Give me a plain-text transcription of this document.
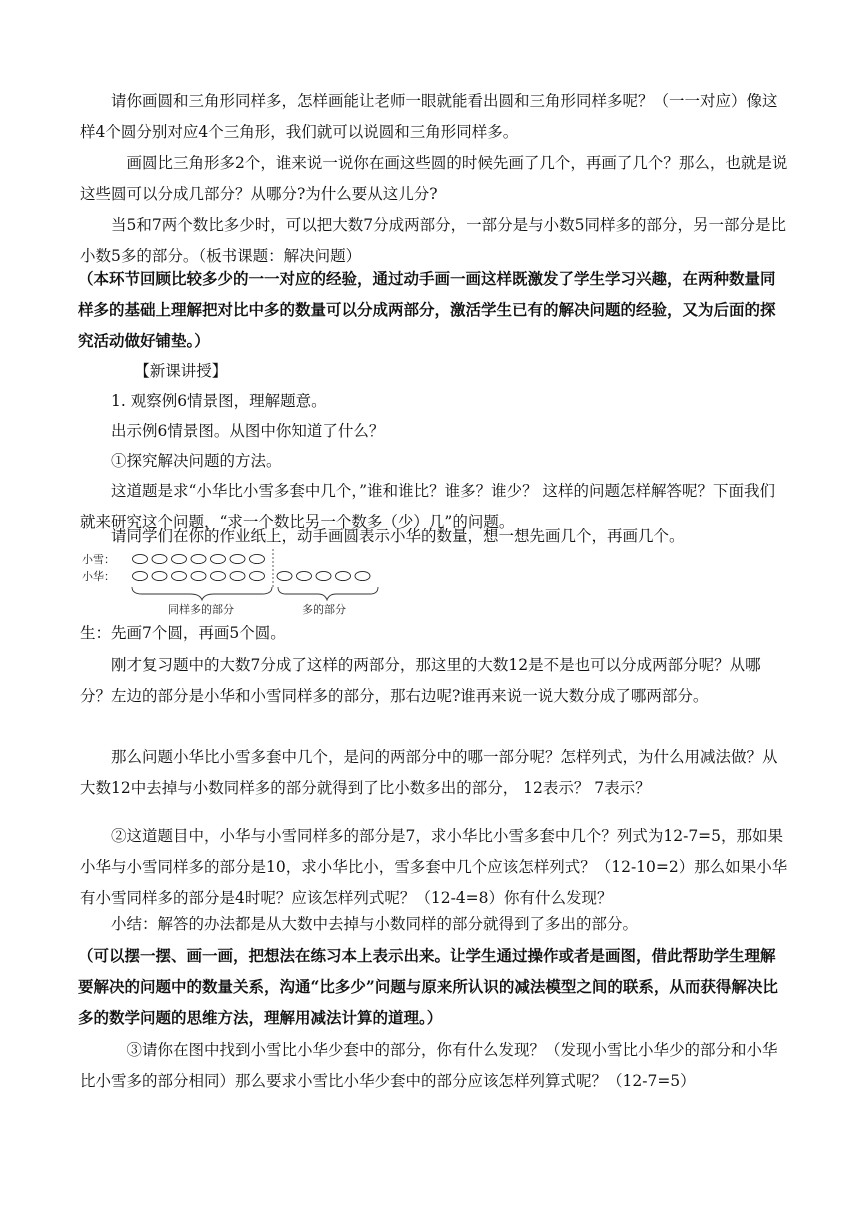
　　请你画圆和三角形同样多，怎样画能让老师一眼就能看出圆和三角形同样多呢？（一一对应）像这样4个圆分别对应4个三角形，我们就可以说圆和三角形同样多。

　　　画圆比三角形多2个，谁来说一说你在画这些圆的时候先画了几个，再画了几个？那么，也就是说这些圆可以分成几部分？从哪分?为什么要从这儿分?

　　当5和7两个数比多少时，可以把大数7分成两部分，一部分是与小数5同样多的部分，另一部分是比小数5多的部分。（板书课题：解决问题）

（本环节回顾比较多少的一一对应的经验，通过动手画一画这样既激发了学生学习兴趣，在两种数量同样多的基础上理解把对比中多的数量可以分成两部分，激活学生已有的解决问题的经验，又为后面的探究活动做好铺垫。）

　　　　【新课讲授】

　　1. 观察例6情景图，理解题意。

　　出示例6情景图。从图中你知道了什么？

　　①探究解决问题的方法。

　　这道题是求“小华比小雪多套中几个，”谁和谁比？谁多？谁少？ 这样的问题怎样解答呢？下面我们就来研究这个问题，“求一个数比另一个数多（少）几”的问题。

　　请同学们在你的作业纸上，动手画圆表示小华的数量，想一想先画几个，再画几个。

小雪：
小华：
同样多的部分	多的部分

生：先画7个圆，再画5个圆。

　　刚才复习题中的大数7分成了这样的两部分，那这里的大数12是不是也可以分成两部分呢？从哪分？左边的部分是小华和小雪同样多的部分，那右边呢?谁再来说一说大数分成了哪两部分。

　　那么问题小华比小雪多套中几个，是问的两部分中的哪一部分呢？怎样列式，为什么用减法做？从大数12中去掉与小数同样多的部分就得到了比小数多出的部分， 12表示？ 7表示？

　　②这道题目中，小华与小雪同样多的部分是7，求小华比小雪多套中几个？列式为12-7=5，那如果小华与小雪同样多的部分是10，求小华比小，雪多套中几个应该怎样列式？（12-10=2）那么如果小华有小雪同样多的部分是4时呢？应该怎样列式呢？（12-4=8）你有什么发现？

　　小结：解答的办法都是从大数中去掉与小数同样的部分就得到了多出的部分。

（可以摆一摆、画一画，把想法在练习本上表示出来。让学生通过操作或者是画图，借此帮助学生理解要解决的问题中的数量关系，沟通“比多少”问题与原来所认识的减法模型之间的联系，从而获得解决比多的数学问题的思维方法，理解用减法计算的道理。）

　　　③请你在图中找到小雪比小华少套中的部分，你有什么发现？（发现小雪比小华少的部分和小华比小雪多的部分相同）那么要求小雪比小华少套中的部分应该怎样列算式呢？（12-7=5）
